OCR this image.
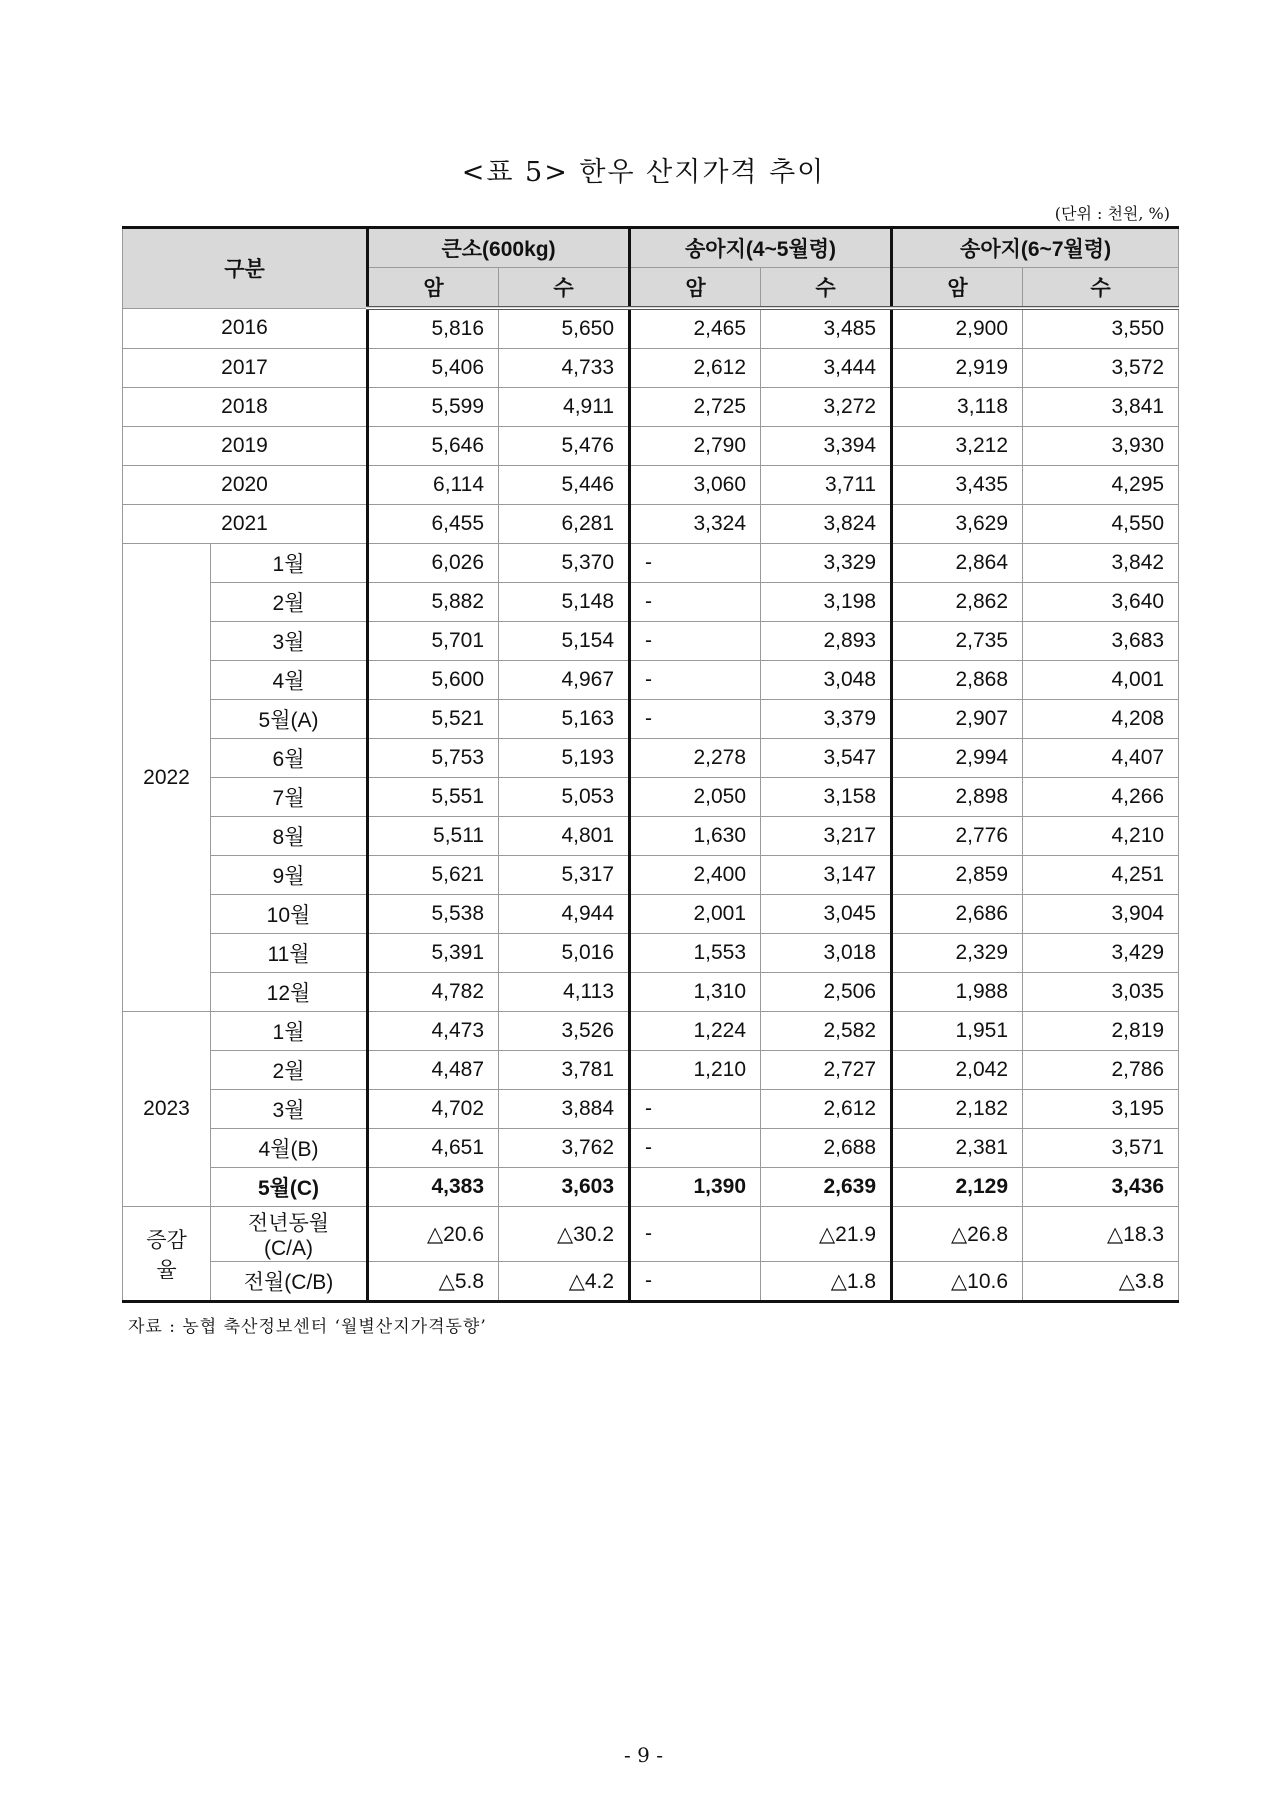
<표 5> 한우 산지가격 추이
(단위 : 천원, %)
구분		큰소(600kg)		송아지(4~5월령)		송아지(6~7월령)	
		암	수	암	수	암	수
2016		5,816	5,650	2,465	3,485	2,900	3,550
2017		5,406	4,733	2,612	3,444	2,919	3,572
2018		5,599	4,911	2,725	3,272	3,118	3,841
2019		5,646	5,476	2,790	3,394	3,212	3,930
2020		6,114	5,446	3,060	3,711	3,435	4,295
2021		6,455	6,281	3,324	3,824	3,629	4,550
2022	1월	6,026	5,370	-	3,329	2,864	3,842
	2월	5,882	5,148	-	3,198	2,862	3,640
	3월	5,701	5,154	-	2,893	2,735	3,683
	4월	5,600	4,967	-	3,048	2,868	4,001
	5월(A)	5,521	5,163	-	3,379	2,907	4,208
	6월	5,753	5,193	2,278	3,547	2,994	4,407
	7월	5,551	5,053	2,050	3,158	2,898	4,266
	8월	5,511	4,801	1,630	3,217	2,776	4,210
	9월	5,621	5,317	2,400	3,147	2,859	4,251
	10월	5,538	4,944	2,001	3,045	2,686	3,904
	11월	5,391	5,016	1,553	3,018	2,329	3,429
	12월	4,782	4,113	1,310	2,506	1,988	3,035
2023	1월	4,473	3,526	1,224	2,582	1,951	2,819
	2월	4,487	3,781	1,210	2,727	2,042	2,786
	3월	4,702	3,884	-	2,612	2,182	3,195
	4월(B)	4,651	3,762	-	2,688	2,381	3,571
	5월(C)	4,383	3,603	1,390	2,639	2,129	3,436
증감율	전년동월(C/A)	△20.6	△30.2	-	△21.9	△26.8	△18.3
	전월(C/B)	△5.8	△4.2	-	△1.8	△10.6	△3.8
자료 : 농협 축산정보센터 ‘월별산지가격동향’
- 9 -
